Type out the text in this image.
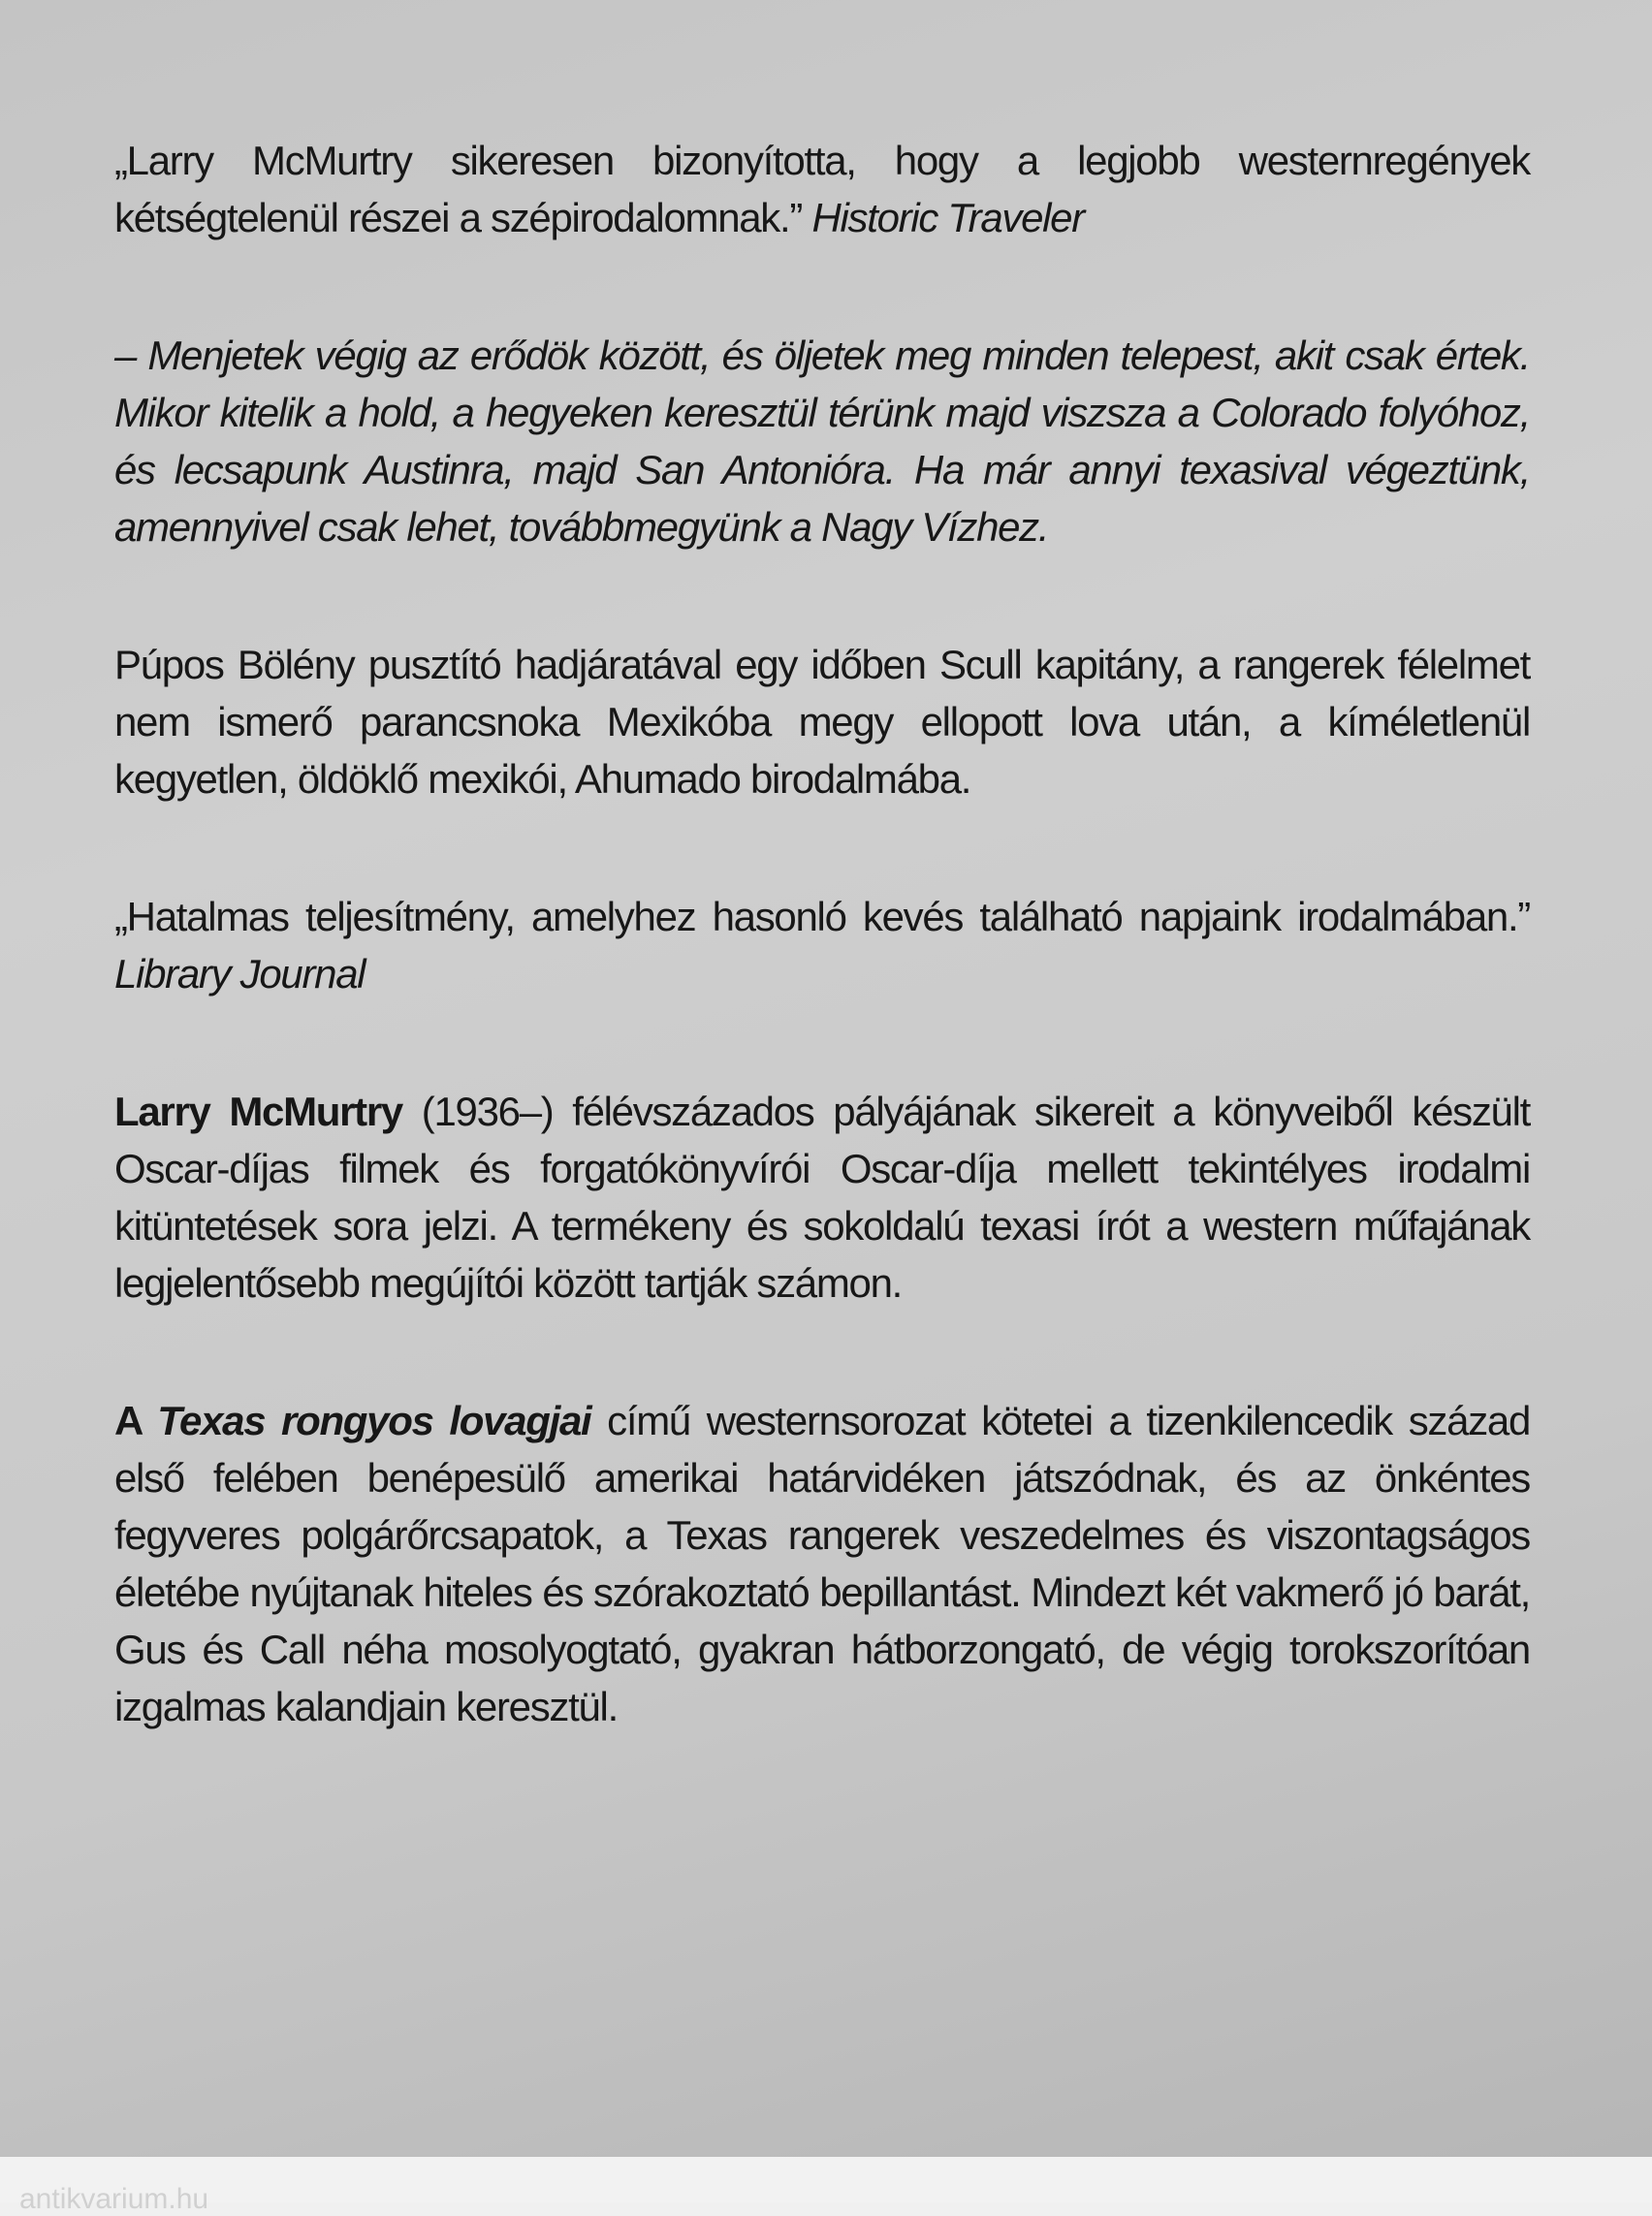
„Larry McMurtry sikeresen bizonyította, hogy a legjobb westernregények kétségtelenül részei a szépirodalomnak.” Historic Traveler

– Menjetek végig az erődök között, és öljetek meg minden telepest, akit csak értek. Mikor kitelik a hold, a hegyeken keresztül térünk majd viszsza a Colorado folyóhoz, és lecsapunk Austinra, majd San Antonióra. Ha már annyi texasival végeztünk, amennyivel csak lehet, továbbmegyünk a Nagy Vízhez.

Púpos Bölény pusztító hadjáratával egy időben Scull kapitány, a rangerek félelmet nem ismerő parancsnoka Mexikóba megy ellopott lova után, a kíméletlenül kegyetlen, öldöklő mexikói, Ahumado birodalmába.

„Hatalmas teljesítmény, amelyhez hasonló kevés található napjaink irodalmában.” Library Journal

Larry McMurtry (1936–) félévszázados pályájának sikereit a könyveiből készült Oscar-díjas filmek és forgatókönyvírói Oscar-díja mellett tekintélyes irodalmi kitüntetések sora jelzi. A termékeny és sokoldalú texasi írót a western műfajának legjelentősebb megújítói között tartják számon.

A Texas rongyos lovagjai című westernsorozat kötetei a tizenkilencedik század első felében benépesülő amerikai határvidéken játszódnak, és az önkéntes fegyveres polgárőrcsapatok, a Texas rangerek veszedelmes és viszontagságos életébe nyújtanak hiteles és szórakoztató bepillantást. Mindezt két vakmerő jó barát, Gus és Call néha mosolyogtató, gyakran hátborzongató, de végig torokszorítóan izgalmas kalandjain keresztül.

antikvarium.hu
